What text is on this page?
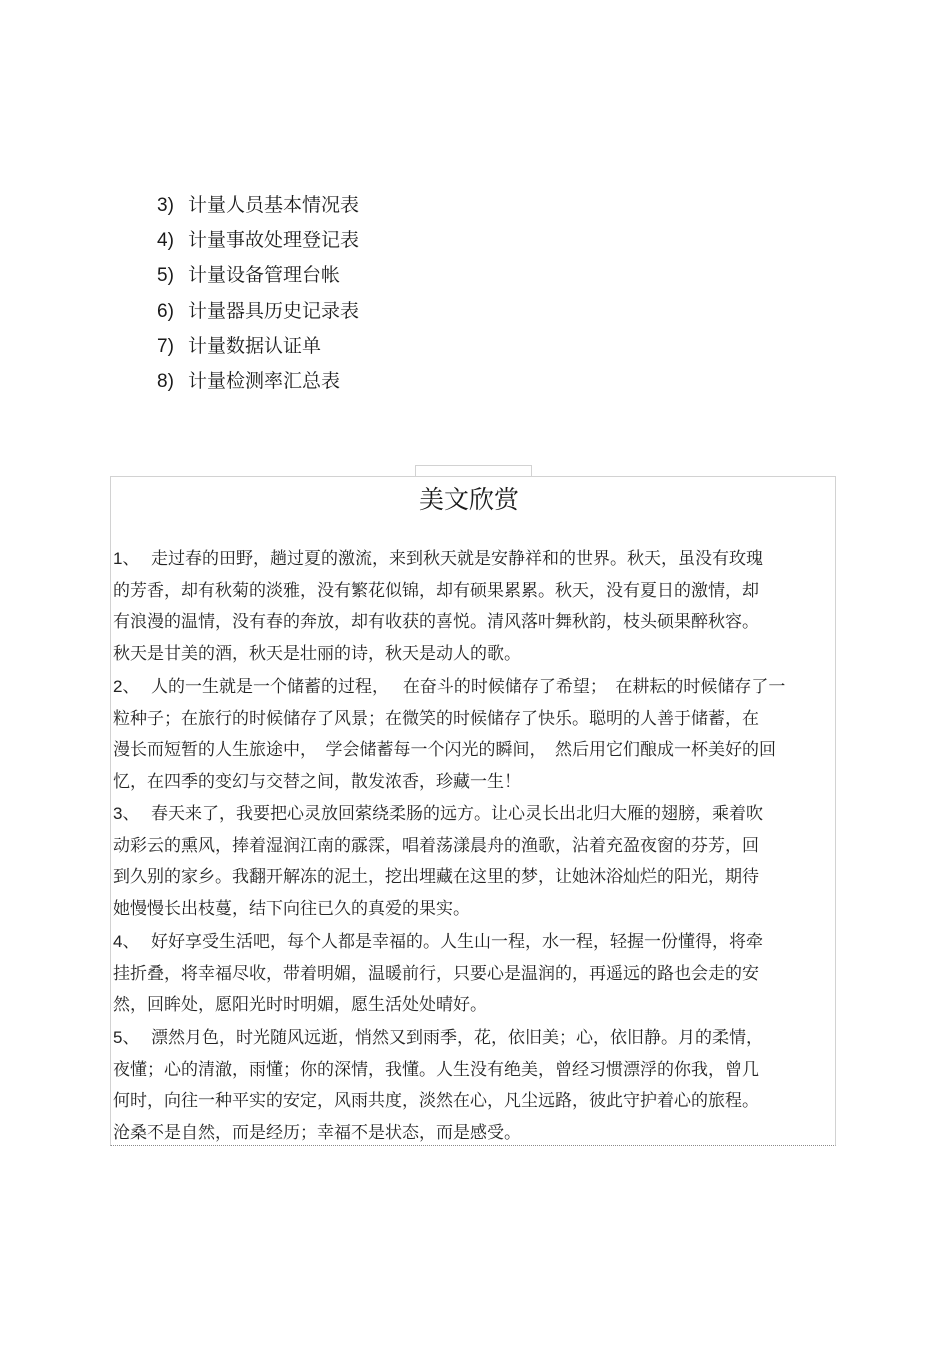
3) 计量人员基本情况表
4) 计量事故处理登记表
5) 计量设备管理台帐
6) 计量器具历史记录表
7) 计量数据认证单
8) 计量检测率汇总表
美文欣赏

1、 走过春的田野，趟过夏的激流，来到秋天就是安静祥和的世界。秋天，虽没有玫瑰
的芳香，却有秋菊的淡雅，没有繁花似锦，却有硕果累累。秋天，没有夏日的激情，却
有浪漫的温情，没有春的奔放，却有收获的喜悦。清风落叶舞秋韵，枝头硕果醉秋容。
秋天是甘美的酒，秋天是壮丽的诗，秋天是动人的歌。

2、 人的一生就是一个储蓄的过程，　 在奋斗的时候储存了希望；　在耕耘的时候储存了一
粒种子；在旅行的时候储存了风景；在微笑的时候储存了快乐。聪明的人善于储蓄，在
漫长而短暂的人生旅途中，　学会储蓄每一个闪光的瞬间，　然后用它们酿成一杯美好的回
忆，在四季的变幻与交替之间，散发浓香，珍藏一生！

3、 春天来了，我要把心灵放回萦绕柔肠的远方。让心灵长出北归大雁的翅膀，乘着吹
动彩云的熏风，捧着湿润江南的霡霂，唱着荡漾晨舟的渔歌，沾着充盈夜窗的芬芳，回
到久别的家乡。我翻开解冻的泥土，挖出埋藏在这里的梦，让她沐浴灿烂的阳光，期待
她慢慢长出枝蔓，结下向往已久的真爱的果实。

4、 好好享受生活吧，每个人都是幸福的。人生山一程，水一程，轻握一份懂得，将牵
挂折叠，将幸福尽收，带着明媚，温暖前行，只要心是温润的，再遥远的路也会走的安
然，回眸处，愿阳光时时明媚，愿生活处处晴好。

5、 漂然月色，时光随风远逝，悄然又到雨季，花，依旧美；心，依旧静。月的柔情，
夜懂；心的清澈，雨懂；你的深情，我懂。人生没有绝美，曾经习惯漂浮的你我，曾几
何时，向往一种平实的安定，风雨共度，淡然在心，凡尘远路，彼此守护着心的旅程。
沧桑不是自然，而是经历；幸福不是状态，而是感受。
